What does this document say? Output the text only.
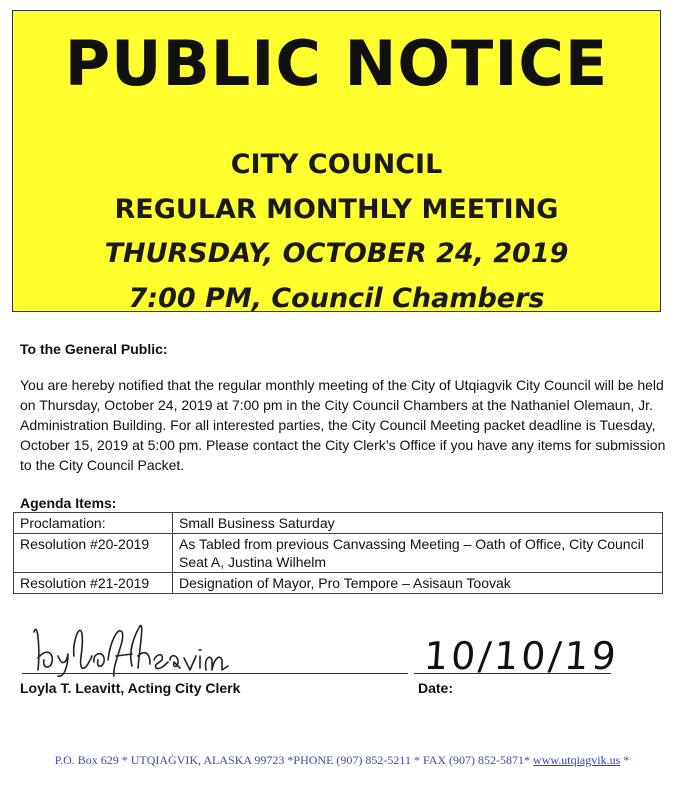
PUBLIC NOTICE
CITY COUNCIL
REGULAR MONTHLY MEETING
THURSDAY, OCTOBER 24, 2019
7:00 PM, Council Chambers
To the General Public:
You are hereby notified that the regular monthly meeting of the City of Utqiagvik City Council will be held on Thursday, October 24, 2019 at 7:00 pm in the City Council Chambers at the Nathaniel Olemaun, Jr. Administration Building. For all interested parties, the City Council Meeting packet deadline is Tuesday, October 15, 2019 at 5:00 pm. Please contact the City Clerk’s Office if you have any items for submission to the City Council Packet.
Agenda Items:
Proclamation:	Small Business Saturday
Resolution #20-2019	As Tabled from previous Canvassing Meeting – Oath of Office, City Council Seat A, Justina Wilhelm
Resolution #21-2019	Designation of Mayor, Pro Tempore – Asisaun Toovak
Loyla T. Leavitt, Acting City Clerk
10/10/19
Date:
P.O. Box 629 * UTQIAĠVIK, ALASKA 99723 *PHONE (907) 852-5211 * FAX (907) 852-5871* www.utqiagvik.us *
